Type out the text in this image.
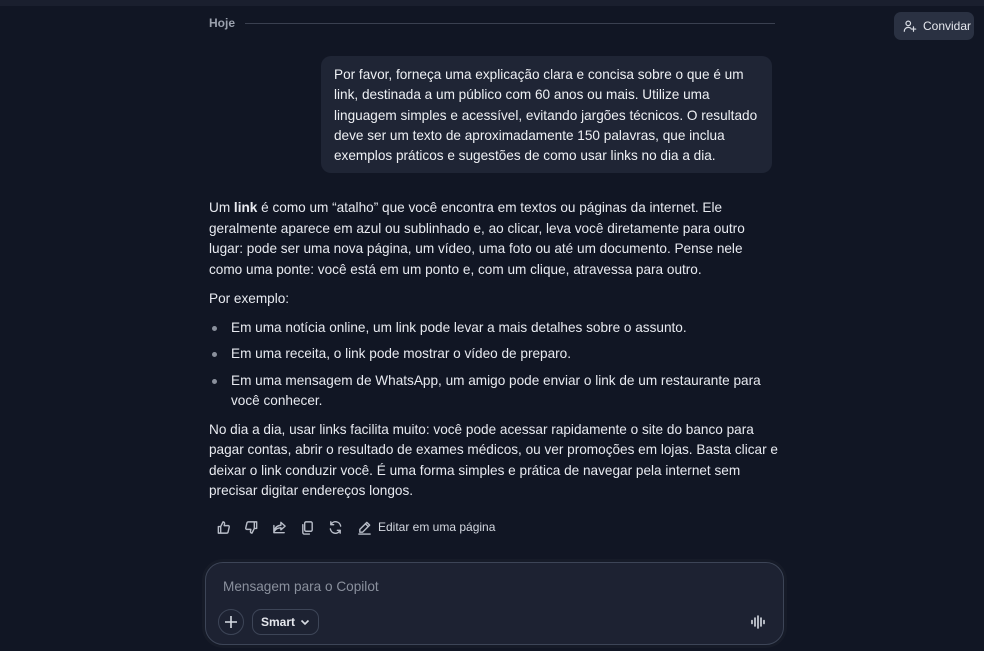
Hoje	Convidar
Por favor, forneça uma explicação clara e concisa sobre o que é um link, destinada a um público com 60 anos ou mais. Utilize uma linguagem simples e acessível, evitando jargões técnicos. O resultado deve ser um texto de aproximadamente 150 palavras, que inclua exemplos práticos e sugestões de como usar links no dia a dia.

Um link é como um “atalho” que você encontra em textos ou páginas da internet. Ele geralmente aparece em azul ou sublinhado e, ao clicar, leva você diretamente para outro lugar: pode ser uma nova página, um vídeo, uma foto ou até um documento. Pense nele como uma ponte: você está em um ponto e, com um clique, atravessa para outro.

Por exemplo:

Em uma notícia online, um link pode levar a mais detalhes sobre o assunto.
Em uma receita, o link pode mostrar o vídeo de preparo.
Em uma mensagem de WhatsApp, um amigo pode enviar o link de um restaurante para você conhecer.

No dia a dia, usar links facilita muito: você pode acessar rapidamente o site do banco para pagar contas, abrir o resultado de exames médicos, ou ver promoções em lojas. Basta clicar e deixar o link conduzir você. É uma forma simples e prática de navegar pela internet sem precisar digitar endereços longos.

Editar em uma página
Mensagem para o Copilot
Smart
